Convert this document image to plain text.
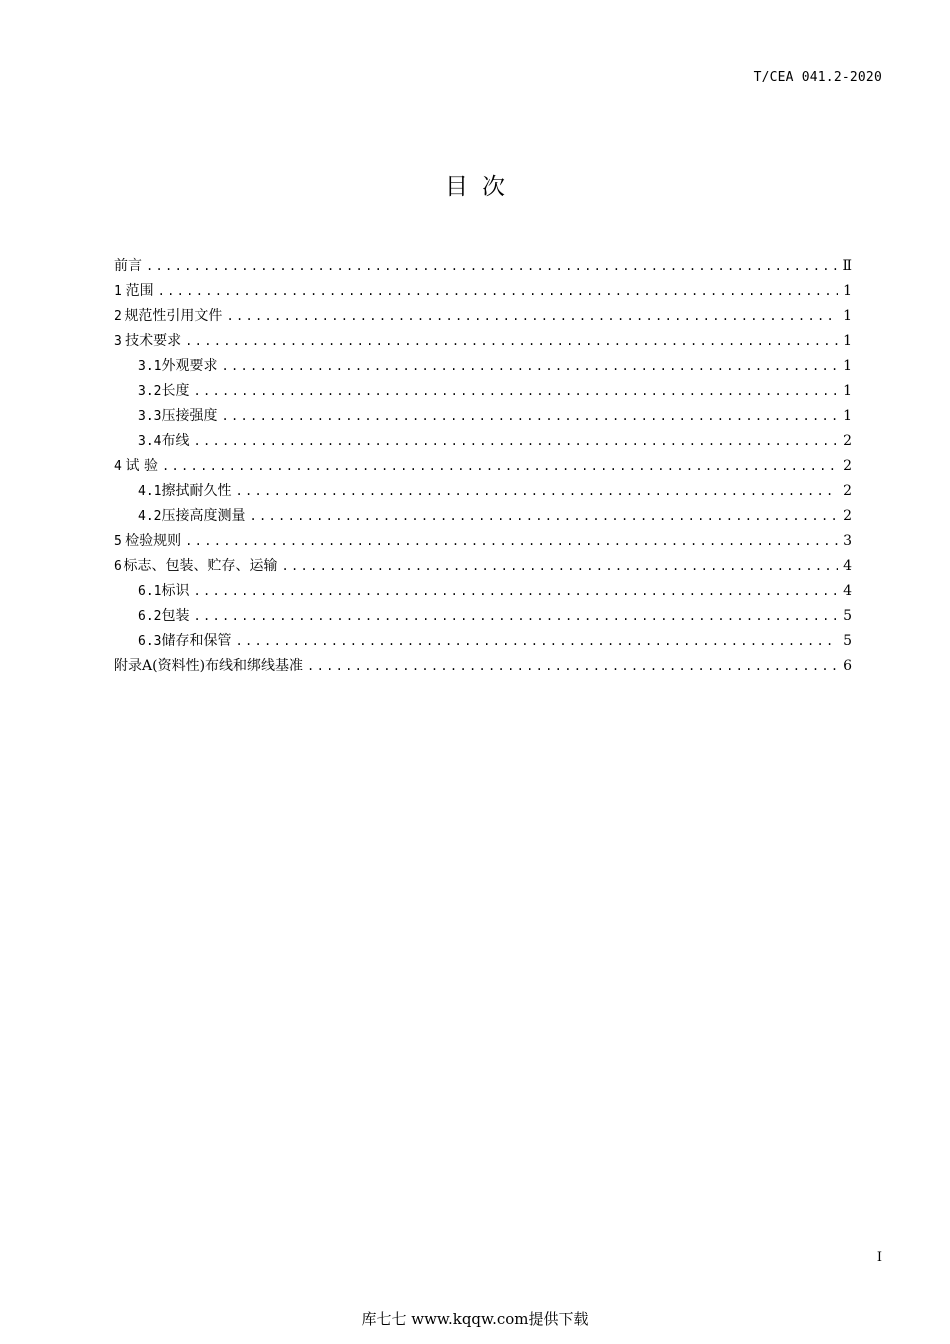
T/CEA 041.2-2020
目次
前言 .....	Ⅱ
1 范围 .....	1
2 规范性引用文件 .....	1
3 技术要求 .....	1
3.1 外观要求 .....	1
3.2 长度 .....	1
3.3 压接强度 .....	1
3.4 布线 .....	2
4 试 验 .....	2
4.1 擦拭耐久性 .....	2
4.2 压接高度测量 .....	2
5 检验规则 .....	3
6 标志、包装、贮存、运输 .....	4
6.1 标识 .....	4
6.2 包装 .....	5
6.3 储存和保管 .....	5
附录A(资料性)布线和绑线基准 .....	6
I
库七七 www.kqqw.com提供下载
